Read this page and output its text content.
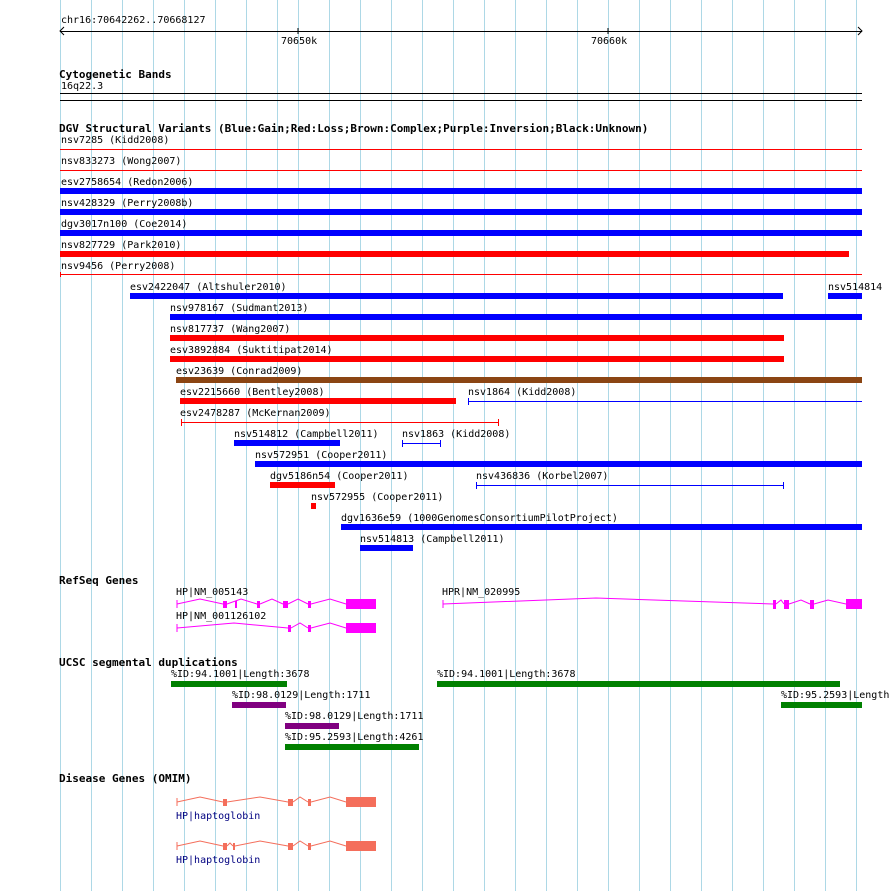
chr16:70642262..70668127
70650k	70660k
Cytogenetic Bands
16q22.3
DGV Structural Variants (Blue:Gain;Red:Loss;Brown:Complex;Purple:Inversion;Black:Unknown)
nsv7285 (Kidd2008)
nsv833273 (Wong2007)
esv2758654 (Redon2006)
nsv428329 (Perry2008b)
dgv3017n100 (Coe2014)
nsv827729 (Park2010)
nsv9456 (Perry2008)
esv2422047 (Altshuler2010)	nsv514814
nsv978167 (Sudmant2013)
nsv817737 (Wang2007)
esv3892884 (Suktitipat2014)
esv23639 (Conrad2009)
esv2215660 (Bentley2008)	nsv1864 (Kidd2008)
esv2478287 (McKernan2009)
nsv514812 (Campbell2011) nsv1863 (Kidd2008)
nsv572951 (Cooper2011)
dgv5186n54 (Cooper2011)	nsv436836 (Korbel2007)
nsv572955 (Cooper2011)
dgv1636e59 (1000GenomesConsortiumPilotProject)
nsv514813 (Campbell2011)
RefSeq Genes
HP|NM_005143	HPR|NM_020995
HP|NM_001126102
UCSC segmental duplications
%ID:94.1001|Length:3678	%ID:94.1001|Length:3678
%ID:98.0129|Length:1711	%ID:95.2593|Length
%ID:98.0129|Length:1711
%ID:95.2593|Length:4261
Disease Genes (OMIM)
HP|haptoglobin
HP|haptoglobin
